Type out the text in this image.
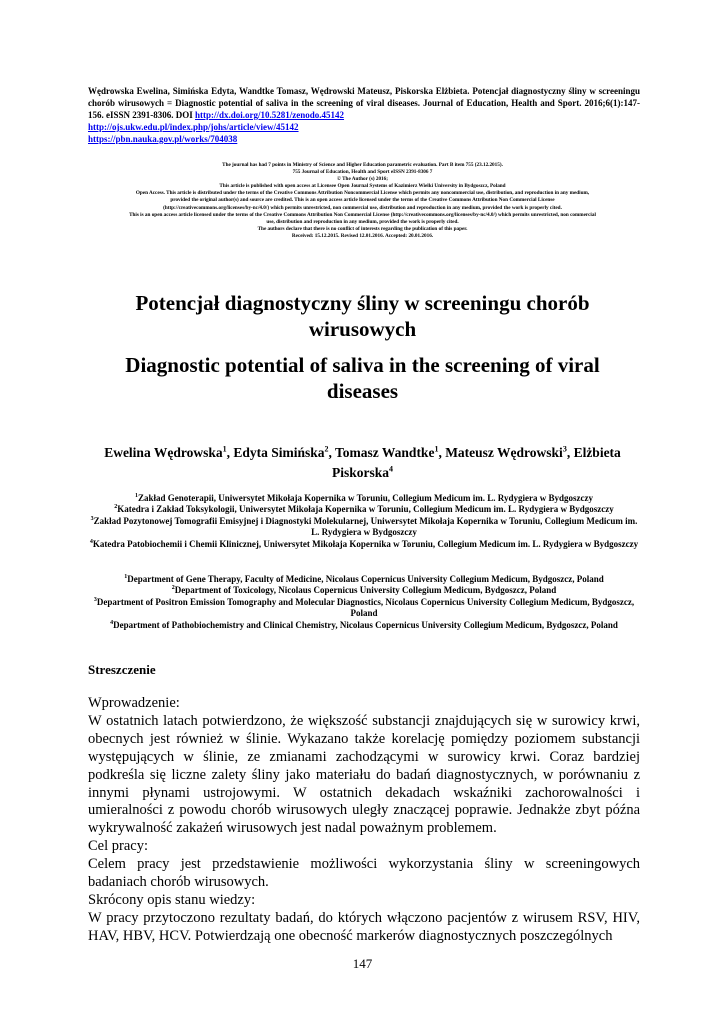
Wędrowska Ewelina, Simińska Edyta, Wandtke Tomasz, Wędrowski Mateusz, Piskorska Elżbieta. Potencjał diagnostyczny śliny w screeningu chorób wirusowych = Diagnostic potential of saliva in the screening of viral diseases. Journal of Education, Health and Sport. 2016;6(1):147-156. eISSN 2391-8306. DOI http://dx.doi.org/10.5281/zenodo.45142
http://ojs.ukw.edu.pl/index.php/johs/article/view/45142
https://pbn.nauka.gov.pl/works/704038
The journal has had 7 points in Ministry of Science and Higher Education parametric evaluation. Part B item 755 (23.12.2015).
755 Journal of Education, Health and Sport eISSN 2391-8306 7
© The Author (s) 2016;
This article is published with open access at Licensee Open Journal Systems of Kazimierz Wielki University in Bydgoszcz, Poland
Open Access. This article is distributed under the terms of the Creative Commons Attribution Noncommercial License which permits any noncommercial use, distribution, and reproduction in any medium,
provided the original author(s) and source are credited. This is an open access article licensed under the terms of the Creative Commons Attribution Non Commercial License
(http://creativecommons.org/licenses/by-nc/4.0/) which permits unrestricted, non commercial use, distribution and reproduction in any medium, provided the work is properly cited.
This is an open access article licensed under the terms of the Creative Commons Attribution Non Commercial License (http://creativecommons.org/licenses/by-nc/4.0/) which permits unrestricted, non commercial
use, distribution and reproduction in any medium, provided the work is properly cited.
The authors declare that there is no conflict of interests regarding the publication of this paper.
Received: 15.12.2015. Revised 12.01.2016. Accepted: 20.01.2016.
Potencjał diagnostyczny śliny w screeningu chorób wirusowych
Diagnostic potential of saliva in the screening of viral diseases
Ewelina Wędrowska$^1$, Edyta Simińska$^2$, Tomasz Wandtke$^1$, Mateusz Wędrowski$^3$, Elżbieta Piskorska$^4$
$^1$Zakład Genoterapii, Uniwersytet Mikołaja Kopernika w Toruniu, Collegium Medicum im. L. Rydygiera w Bydgoszczy
$^2$Katedra i Zakład Toksykologii, Uniwersytet Mikołaja Kopernika w Toruniu, Collegium Medicum im. L. Rydygiera w Bydgoszczy
$^3$Zakład Pozytonowej Tomografii Emisyjnej i Diagnostyki Molekularnej, Uniwersytet Mikołaja Kopernika w Toruniu, Collegium Medicum im. L. Rydygiera w Bydgoszczy
$^4$Katedra Patobiochemii i Chemii Klinicznej, Uniwersytet Mikołaja Kopernika w Toruniu, Collegium Medicum im. L. Rydygiera w Bydgoszczy
$^1$Department of Gene Therapy, Faculty of Medicine, Nicolaus Copernicus University Collegium Medicum, Bydgoszcz, Poland
$^2$Department of Toxicology, Nicolaus Copernicus University Collegium Medicum, Bydgoszcz, Poland
$^3$Department of Positron Emission Tomography and Molecular Diagnostics, Nicolaus Copernicus University Collegium Medicum, Bydgoszcz, Poland
$^4$Department of Pathobiochemistry and Clinical Chemistry, Nicolaus Copernicus University Collegium Medicum, Bydgoszcz, Poland
Streszczenie

Wprowadzenie:

W ostatnich latach potwierdzono, że większość substancji znajdujących się w surowicy krwi, obecnych jest również w ślinie. Wykazano także korelację pomiędzy poziomem substancji występujących w ślinie, ze zmianami zachodzącymi w surowicy krwi. Coraz bardziej podkreśla się liczne zalety śliny jako materiału do badań diagnostycznych, w porównaniu z innymi płynami ustrojowymi. W ostatnich dekadach wskaźniki zachorowalności i umieralności z powodu chorób wirusowych uległy znaczącej poprawie. Jednakże zbyt późna wykrywalność zakażeń wirusowych jest nadal poważnym problemem.

Cel pracy:

Celem pracy jest przedstawienie możliwości wykorzystania śliny w screeningowych badaniach chorób wirusowych.

Skrócony opis stanu wiedzy:

W pracy przytoczono rezultaty badań, do których włączono pacjentów z wirusem RSV, HIV, HAV, HBV, HCV. Potwierdzają one obecność markerów diagnostycznych poszczególnych

147
